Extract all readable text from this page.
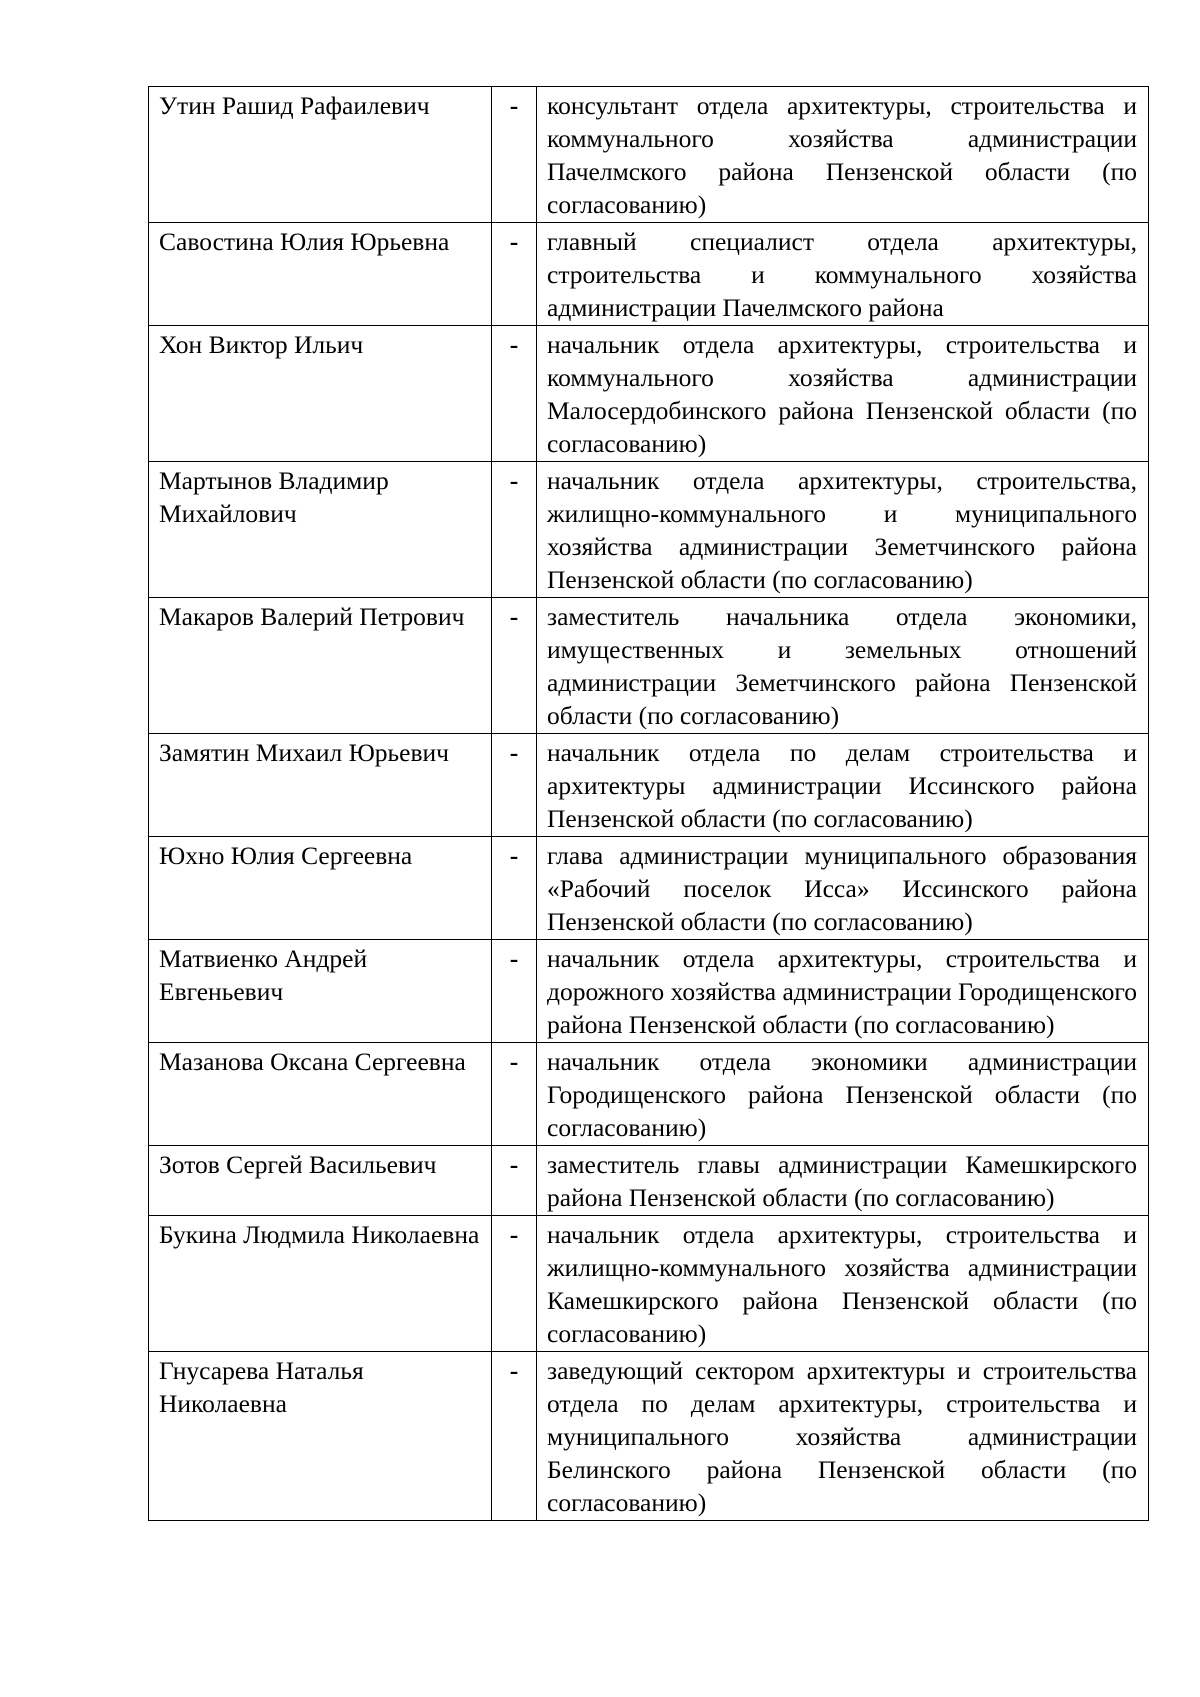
Утин Рашид Рафаилевич	-	консультант отдела архитектуры, строительства и коммунального хозяйства администрации Пачелмского района Пензенской области (по согласованию)
Савостина Юлия Юрьевна	-	главный специалист отдела архитектуры, строительства и коммунального хозяйства администрации Пачелмского района
Хон Виктор Ильич	-	начальник отдела архитектуры, строительства и коммунального хозяйства администрации Малосердобинского района Пензенской области (по согласованию)
Мартынов Владимир Михайлович	-	начальник отдела архитектуры, строительства, жилищно-коммунального и муниципального хозяйства администрации Земетчинского района Пензенской области (по согласованию)
Макаров Валерий Петрович	-	заместитель начальника отдела экономики, имущественных и земельных отношений администрации Земетчинского района Пензенской области (по согласованию)
Замятин Михаил Юрьевич	-	начальник отдела по делам строительства и архитектуры администрации Иссинского района Пензенской области (по согласованию)
Юхно Юлия Сергеевна	-	глава администрации муниципального образования «Рабочий поселок Исса» Иссинского района Пензенской области (по согласованию)
Матвиенко Андрей Евгеньевич	-	начальник отдела архитектуры, строительства и дорожного хозяйства администрации Городищенского района Пензенской области (по согласованию)
Мазанова Оксана Сергеевна	-	начальник отдела экономики администрации Городищенского района Пензенской области (по согласованию)
Зотов Сергей Васильевич	-	заместитель главы администрации Камешкирского района Пензенской области (по согласованию)
Букина Людмила Николаевна	-	начальник отдела архитектуры, строительства и жилищно-коммунального хозяйства администрации Камешкирского района Пензенской области (по согласованию)
Гнусарева Наталья Николаевна	-	заведующий сектором архитектуры и строительства отдела по делам архитектуры, строительства и муниципального хозяйства администрации Белинского района Пензенской области (по согласованию)
